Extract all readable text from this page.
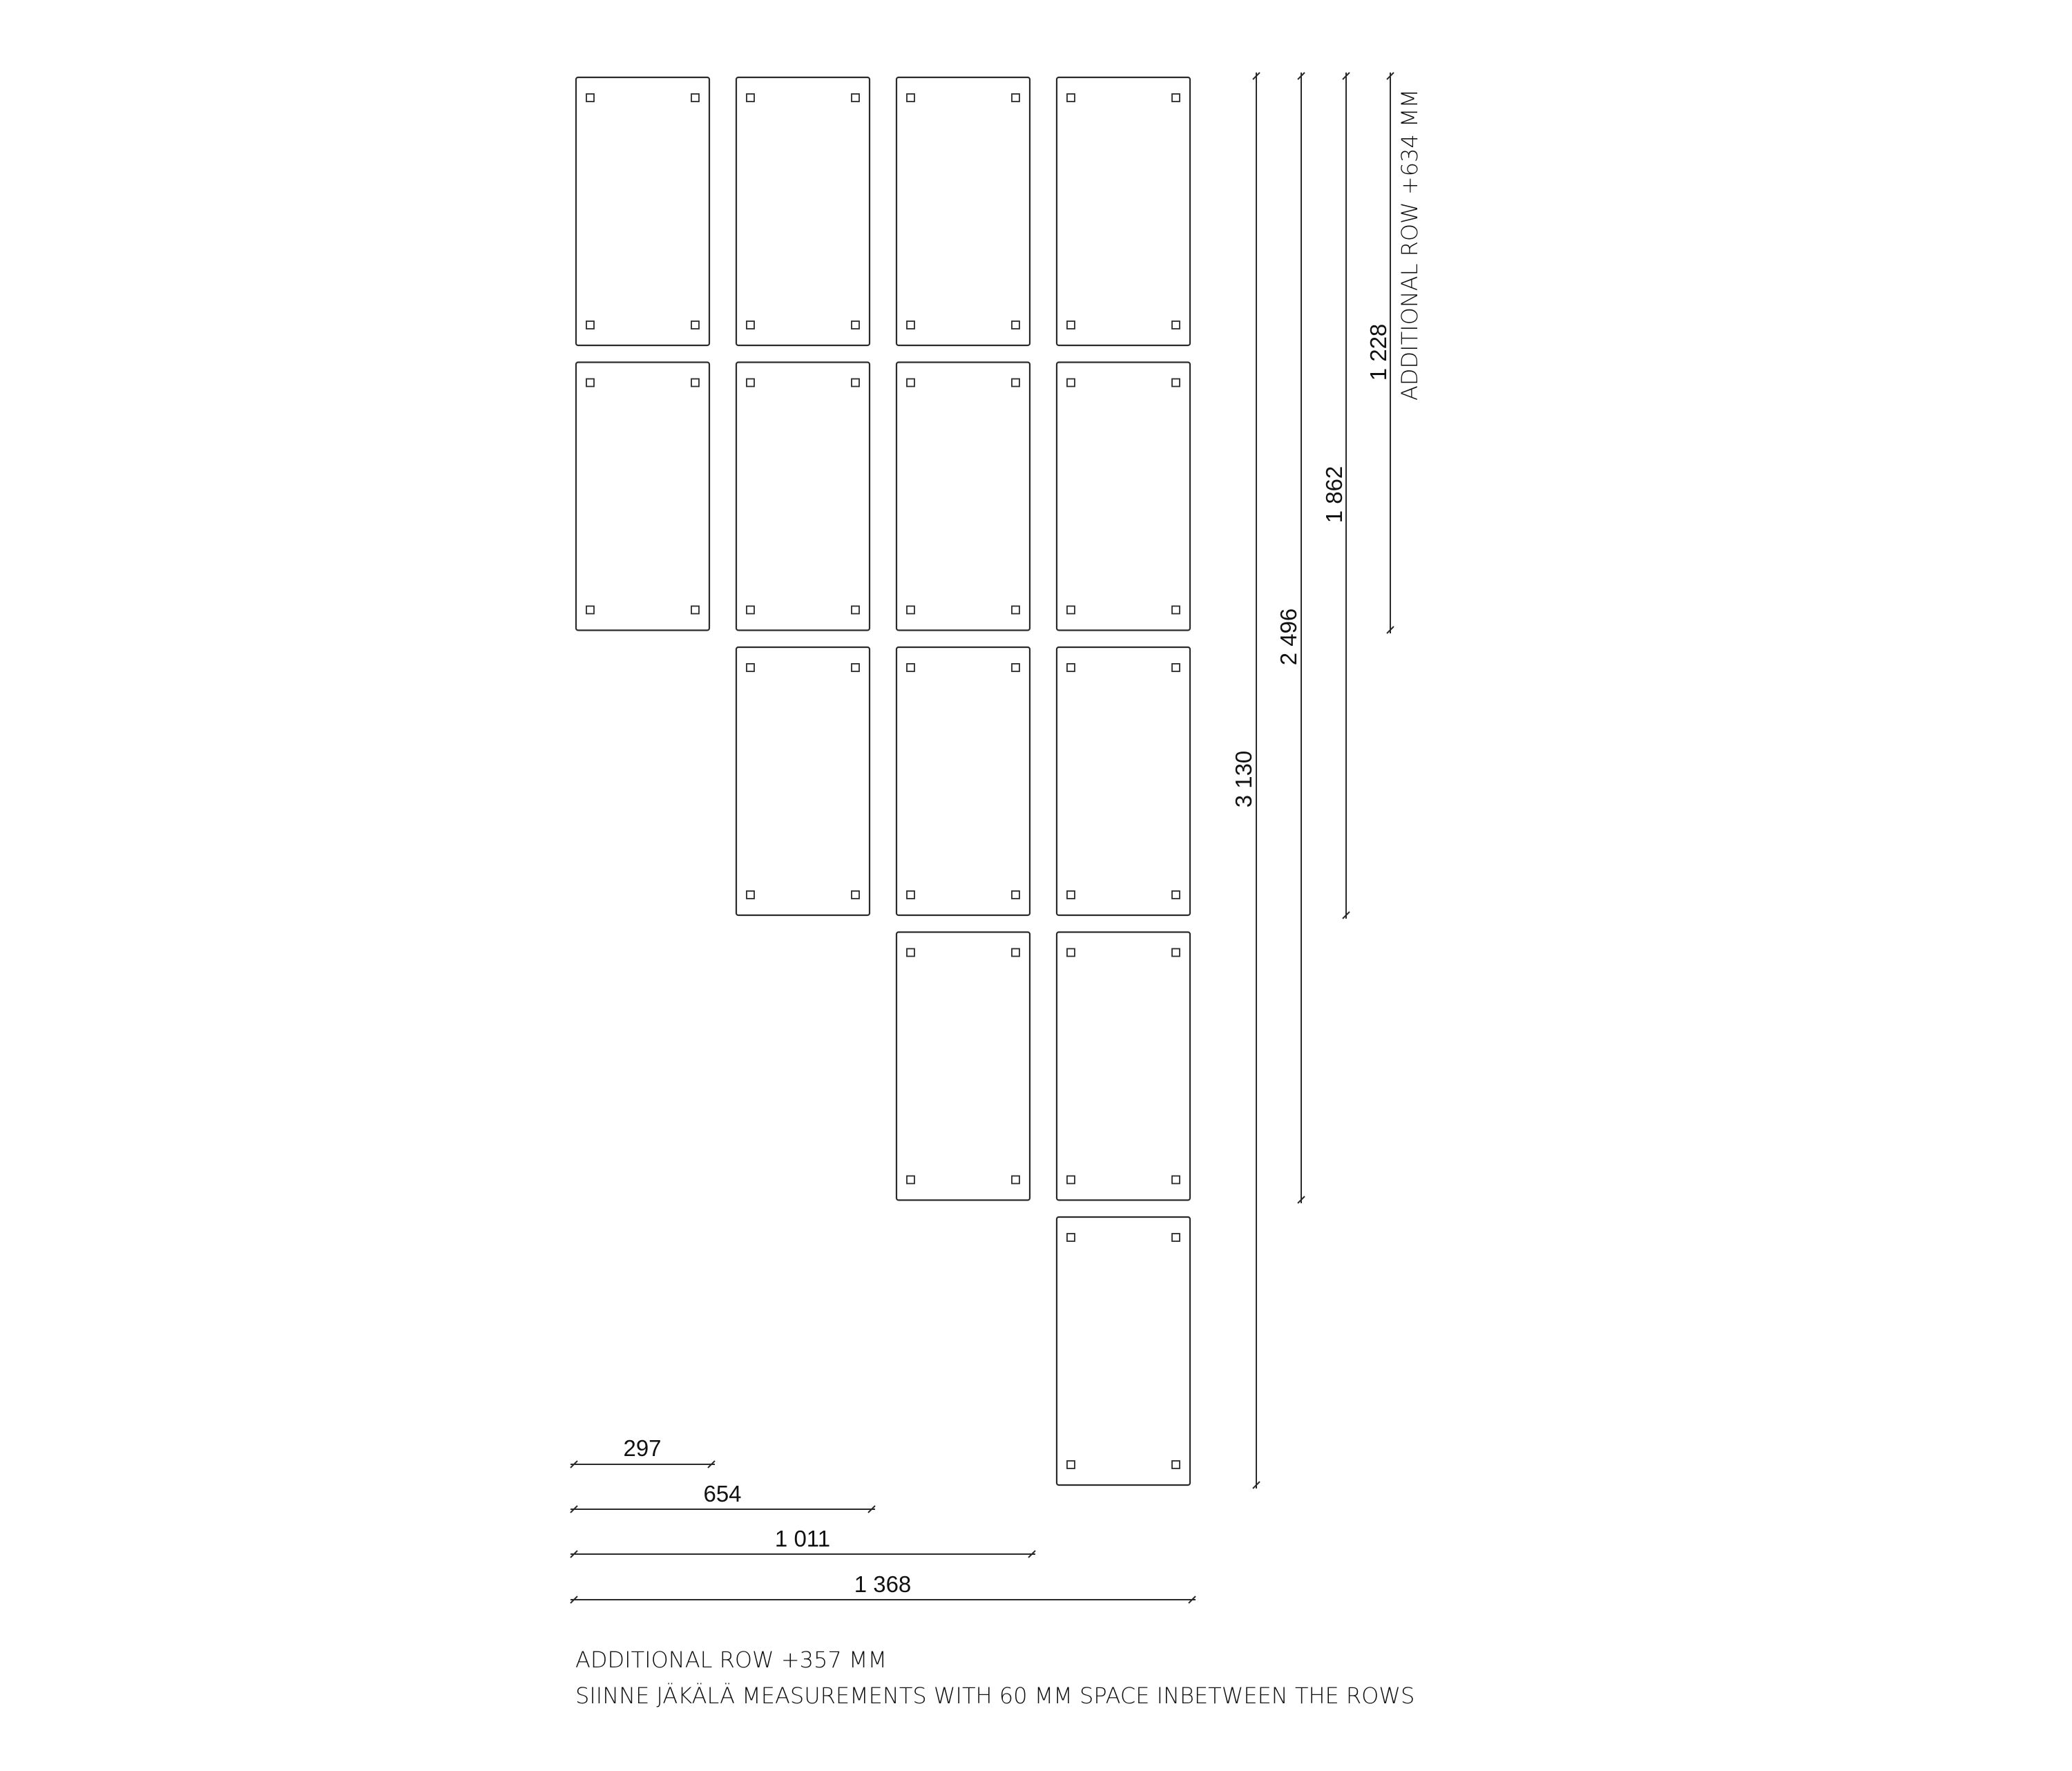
297
654
1 011
1 368
3 130
2 496
1 862
1 228 ADDITIONAL ROW +634 MM
ADDITIONAL ROW +357 MM
SIINNE JÄKÄLÄ MEASUREMENTS WITH 60 MM SPACE INBETWEEN THE ROWS
